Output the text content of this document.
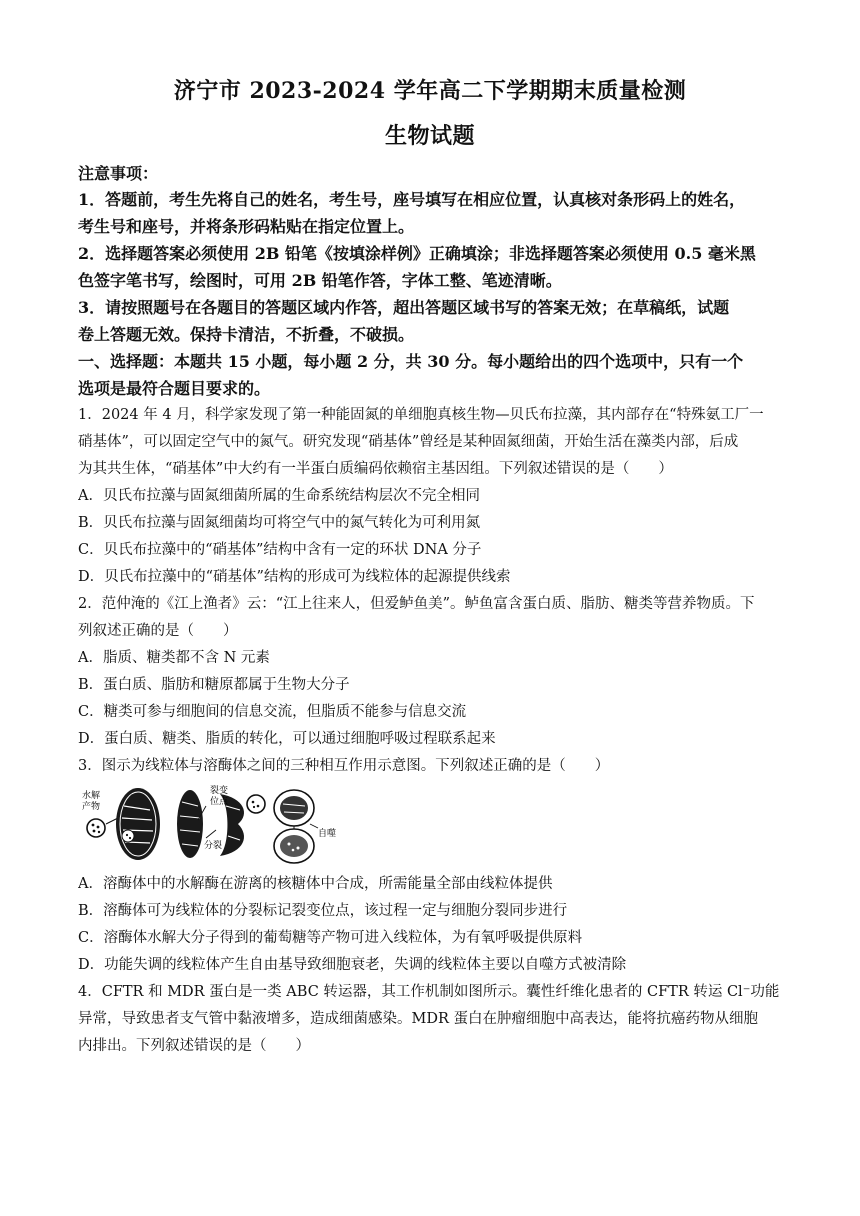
济宁市 2023-2024 学年高二下学期期末质量检测
生物试题
注意事项：
1．答题前，考生先将自己的姓名，考生号，座号填写在相应位置，认真核对条形码上的姓名，
考生号和座号，并将条形码粘贴在指定位置上。
2．选择题答案必须使用 2B 铅笔《按填涂样例》正确填涂；非选择题答案必须使用 0.5 毫米黑
色签字笔书写，绘图时，可用 2B 铅笔作答，字体工整、笔迹清晰。
3．请按照题号在各题目的答题区域内作答，超出答题区域书写的答案无效；在草稿纸，试题
卷上答题无效。保持卡清洁，不折叠，不破损。
一、选择题：本题共 15 小题，每小题 2 分，共 30 分。每小题给出的四个选项中，只有一个
选项是最符合题目要求的。
1．2024 年 4 月，科学家发现了第一种能固氮的单细胞真核生物—贝氏布拉藻，其内部存在“特殊氨工厂一
硝基体”，可以固定空气中的氮气。研究发现“硝基体”曾经是某种固氮细菌，开始生活在藻类内部，后成
为其共生体，“硝基体”中大约有一半蛋白质编码依赖宿主基因组。下列叙述错误的是（　　）
A．贝氏布拉藻与固氮细菌所属的生命系统结构层次不完全相同
B．贝氏布拉藻与固氮细菌均可将空气中的氮气转化为可利用氮
C．贝氏布拉藻中的“硝基体”结构中含有一定的环状 DNA 分子
D．贝氏布拉藻中的“硝基体”结构的形成可为线粒体的起源提供线索
2．范仲淹的《江上渔者》云：“江上往来人，但爱鲈鱼美”。鲈鱼富含蛋白质、脂肪、糖类等营养物质。下
列叙述正确的是（　　）
A．脂质、糖类都不含 N 元素
B．蛋白质、脂肪和糖原都属于生物大分子
C．糖类可参与细胞间的信息交流，但脂质不能参与信息交流
D．蛋白质、糖类、脂质的转化，可以通过细胞呼吸过程联系起来
3．图示为线粒体与溶酶体之间的三种相互作用示意图。下列叙述正确的是（　　）
水解
产物
裂变
位点
分裂
自噬
A．溶酶体中的水解酶在游离的核糖体中合成，所需能量全部由线粒体提供
B．溶酶体可为线粒体的分裂标记裂变位点，该过程一定与细胞分裂同步进行
C．溶酶体水解大分子得到的葡萄糖等产物可进入线粒体，为有氧呼吸提供原料
D．功能失调的线粒体产生自由基导致细胞衰老，失调的线粒体主要以自噬方式被清除
4．CFTR 和 MDR 蛋白是一类 ABC 转运器，其工作机制如图所示。囊性纤维化患者的 CFTR 转运 Cl⁻功能
异常，导致患者支气管中黏液增多，造成细菌感染。MDR 蛋白在肿瘤细胞中高表达，能将抗癌药物从细胞
内排出。下列叙述错误的是（　　）
